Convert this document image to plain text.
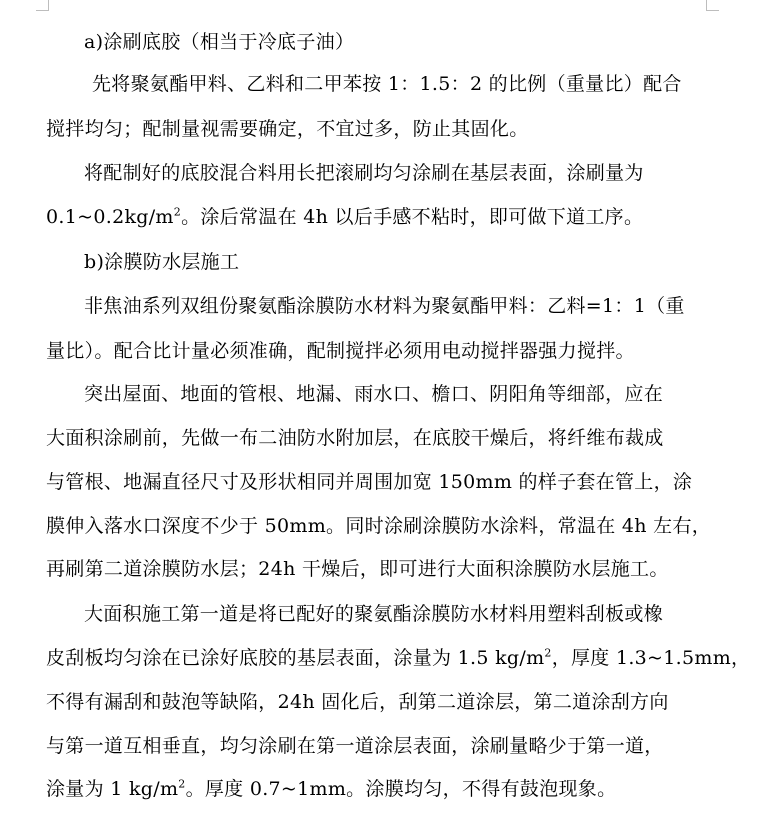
a)涂刷底胶（相当于冷底子油）
先将聚氨酯甲料、乙料和二甲苯按 1：1.5：2 的比例（重量比）配合
搅拌均匀；配制量视需要确定，不宜过多，防止其固化。
将配制好的底胶混合料用长把滚刷均匀涂刷在基层表面，涂刷量为
$0.1\sim 0.2kg/m^2$。涂后常温在 4h 以后手感不粘时，即可做下道工序。
b)涂膜防水层施工
非焦油系列双组份聚氨酯涂膜防水材料为聚氨酯甲料：乙料=1：1（重
量比）。配合比计量必须准确，配制搅拌必须用电动搅拌器强力搅拌。
突出屋面、地面的管根、地漏、雨水口、檐口、阴阳角等细部，应在
大面积涂刷前，先做一布二油防水附加层，在底胶干燥后，将纤维布裁成
与管根、地漏直径尺寸及形状相同并周围加宽 150mm 的样子套在管上，涂
膜伸入落水口深度不少于 50mm。同时涂刷涂膜防水涂料，常温在 4h 左右，
再刷第二道涂膜防水层；24h 干燥后，即可进行大面积涂膜防水层施工。
大面积施工第一道是将已配好的聚氨酯涂膜防水材料用塑料刮板或橡
皮刮板均匀涂在已涂好底胶的基层表面，涂量为 1.5 $kg/m^2$，厚度 1.3~1.5mm，
不得有漏刮和鼓泡等缺陷，24h 固化后，刮第二道涂层，第二道涂刮方向
与第一道互相垂直，均匀涂刷在第一道涂层表面，涂刷量略少于第一道，
涂量为 1 $kg/m^2$。厚度 0.7~1mm。涂膜均匀，不得有鼓泡现象。
